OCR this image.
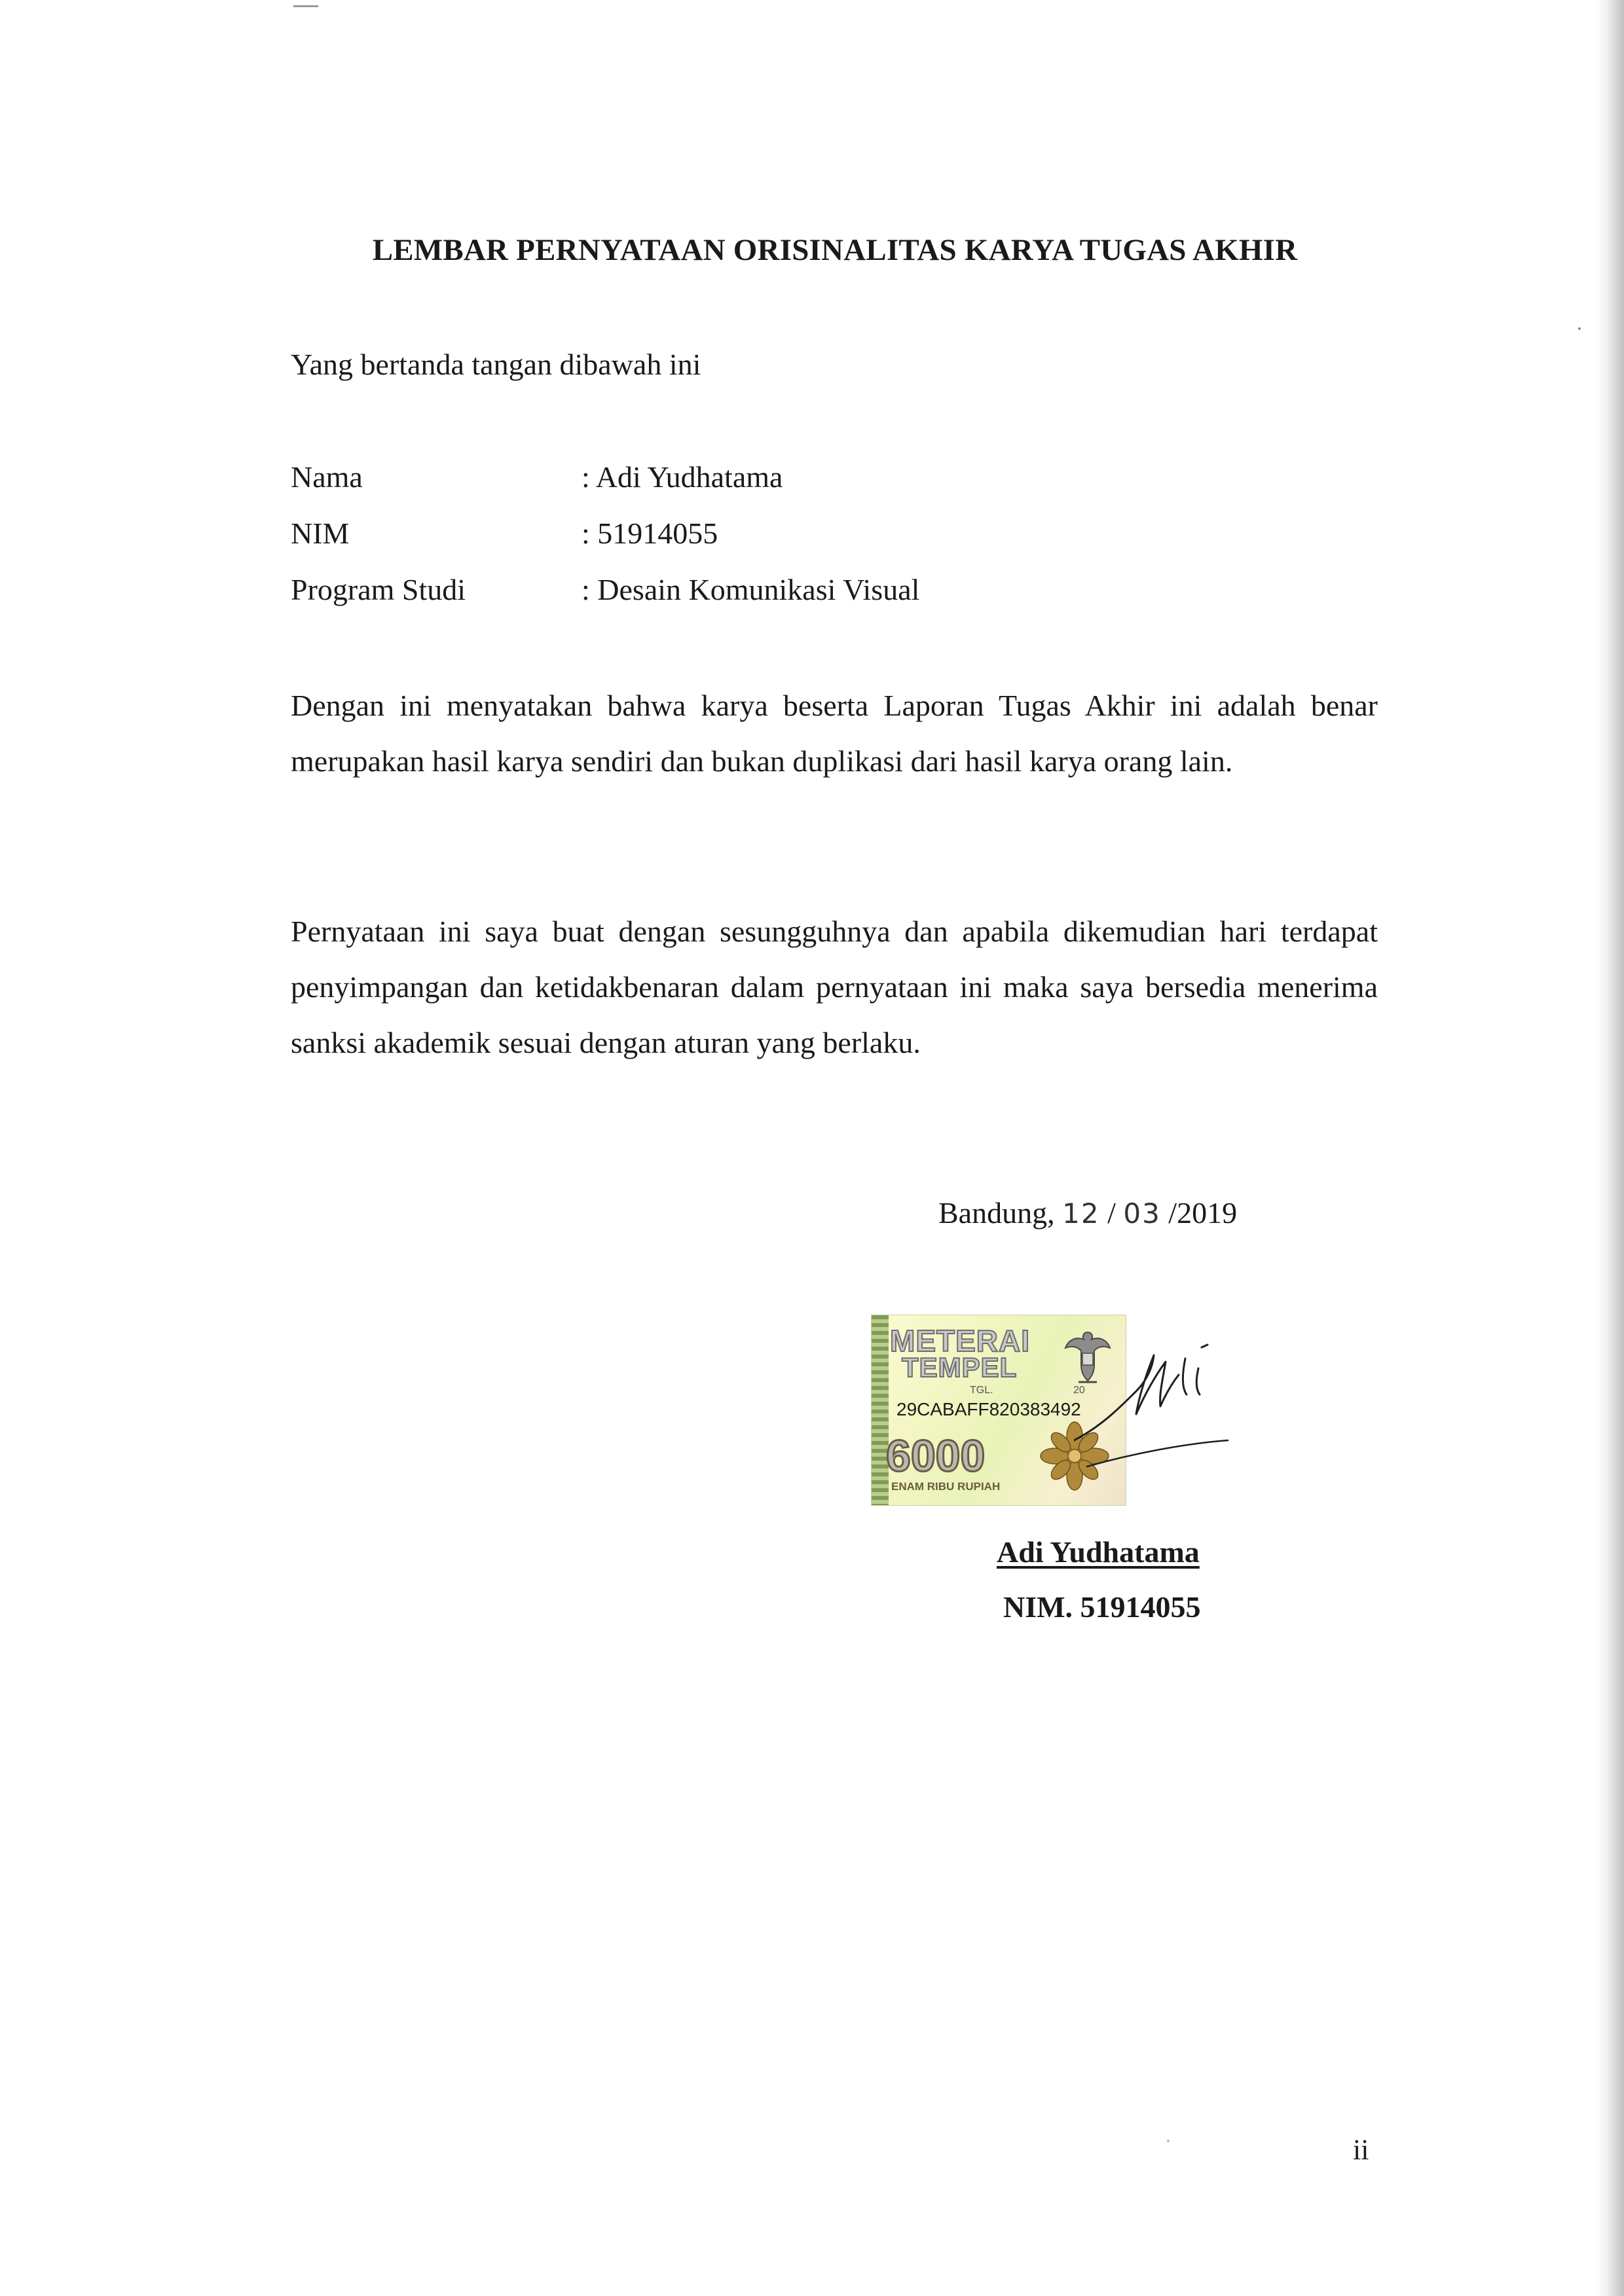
LEMBAR PERNYATAAN ORISINALITAS KARYA TUGAS AKHIR
Yang bertanda tangan dibawah ini
Nama	: Adi Yudhatama
NIM	: 51914055
Program Studi	: Desain Komunikasi Visual
Dengan ini menyatakan bahwa karya beserta Laporan Tugas Akhir ini adalah benar merupakan hasil karya sendiri dan bukan duplikasi dari hasil karya orang lain.
Pernyataan ini saya buat dengan sesungguhnya dan apabila dikemudian hari terdapat penyimpangan dan ketidakbenaran dalam pernyataan ini maka saya bersedia menerima sanksi akademik sesuai dengan aturan yang berlaku.
Bandung, 12 / 03 /2019
METERAI
TEMPEL
TGL.	20
29CABAFF820383492
6000
ENAM RIBU RUPIAH
Adi Yudhatama
NIM. 51914055
ii
